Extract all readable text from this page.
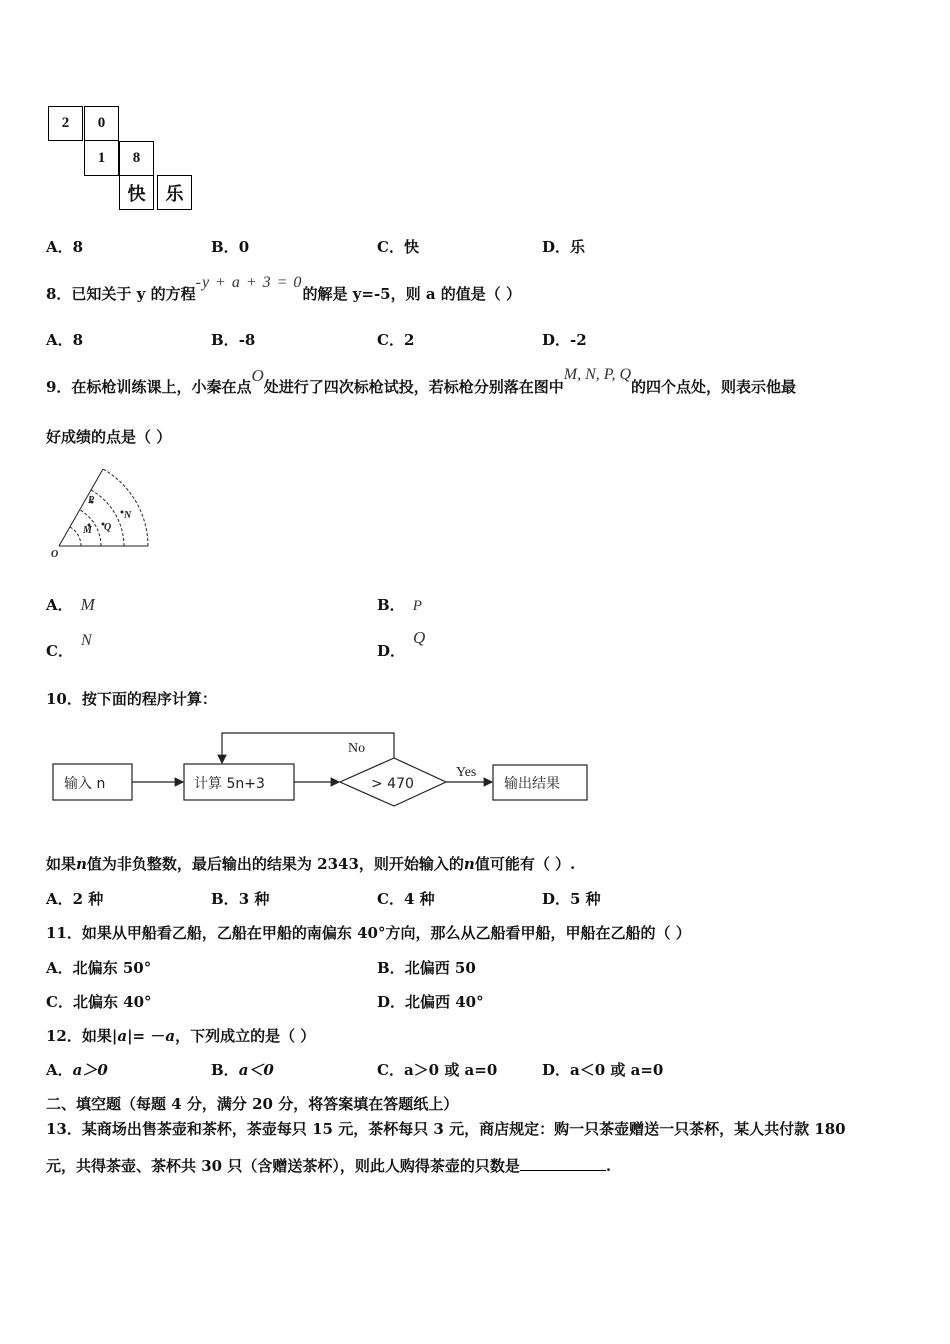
2	0
1	8
快	乐
A．8	B．0	C．快	D．乐
8．已知关于 y 的方程-y + a + 3 = 0的解是 y=-5，则 a 的值是（ ）
A．8	B．-8	C．2	D．-2
9．在标枪训练课上，小秦在点O处进行了四次标枪试投，若标枪分别落在图中M, N, P, Q的四个点处，则表示他最
好成绩的点是（ ）
P
N
M Q
O
A． M	B． P
C．N
D．Q
10．按下面的程序计算：
输入 n	计算 5n+3	> 470	输出结果
No
Yes
如果n值为非负整数，最后输出的结果为 2343，则开始输入的n值可能有（ ）.
A．2 种	B．3 种	C．4 种	D．5 种
11．如果从甲船看乙船，乙船在甲船的南偏东 40°方向，那么从乙船看甲船，甲船在乙船的（ ）
A．北偏东 50°	B．北偏西 50
C．北偏东 40°	D．北偏西 40°
12．如果|a|= －a，下列成立的是（ ）
A．a＞0	B．a＜0	C．a＞0 或 a=0	D．a＜0 或 a=0
二、填空题（每题 4 分，满分 20 分，将答案填在答题纸上）
13．某商场出售茶壶和茶杯，茶壶每只 15 元，茶杯每只 3 元，商店规定：购一只茶壶赠送一只茶杯，某人共付款 180
元，共得茶壶、茶杯共 30 只（含赠送茶杯），则此人购得茶壶的只数是	.
